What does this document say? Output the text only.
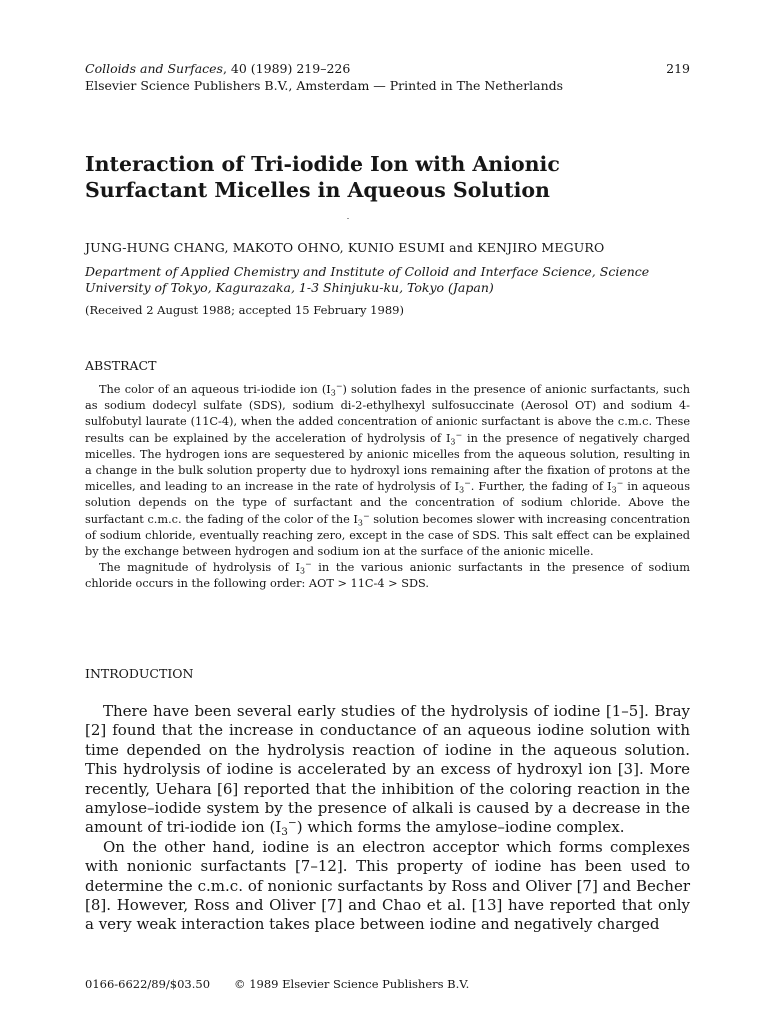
Colloids and Surfaces, 40 (1989) 219–226	219
Elsevier Science Publishers B.V., Amsterdam — Printed in The Netherlands
Interaction of Tri-iodide Ion with Anionic
Surfactant Micelles in Aqueous Solution
JUNG-HUNG CHANG, MAKOTO OHNO, KUNIO ESUMI and KENJIRO MEGURO
Department of Applied Chemistry and Institute of Colloid and Interface Science, Science
University of Tokyo, Kagurazaka, 1-3 Shinjuku-ku, Tokyo (Japan)
(Received 2 August 1988; accepted 15 February 1989)
ABSTRACT

The color of an aqueous tri-iodide ion $(I_3^-)$ solution fades in the presence of anionic surfactants, such as sodium dodecyl sulfate (SDS), sodium di-2-ethylhexyl sulfosuccinate (Aerosol OT) and sodium 4-sulfobutyl laurate (11C-4), when the added concentration of anionic surfactant is above the c.m.c. These results can be explained by the acceleration of hydrolysis of $I_3^-$ in the presence of negatively charged micelles. The hydrogen ions are sequestered by anionic micelles from the aqueous solution, resulting in a change in the bulk solution property due to hydroxyl ions remaining after the fixation of protons at the micelles, and leading to an increase in the rate of hydrolysis of $I_3^-$. Further, the fading of $I_3^-$ in aqueous solution depends on the type of surfactant and the concentration of sodium chloride. Above the surfactant c.m.c. the fading of the color of the $I_3^-$ solution becomes slower with increasing concentration of sodium chloride, eventually reaching zero, except in the case of SDS. This salt effect can be explained by the exchange between hydrogen and sodium ion at the surface of the anionic micelle.

The magnitude of hydrolysis of $I_3^-$ in the various anionic surfactants in the presence of sodium chloride occurs in the following order: AOT > 11C-4 > SDS.

INTRODUCTION

There have been several early studies of the hydrolysis of iodine [1–5]. Bray [2] found that the increase in conductance of an aqueous iodine solution with time depended on the hydrolysis reaction of iodine in the aqueous solution. This hydrolysis of iodine is accelerated by an excess of hydroxyl ion [3]. More recently, Uehara [6] reported that the inhibition of the coloring reaction in the amylose–iodide system by the presence of alkali is caused by a decrease in the amount of tri-iodide ion $(I_3^-)$ which forms the amylose–iodine complex.

On the other hand, iodine is an electron acceptor which forms complexes with nonionic surfactants [7–12]. This property of iodine has been used to determine the c.m.c. of nonionic surfactants by Ross and Oliver [7] and Becher [8]. However, Ross and Oliver [7] and Chao et al. [13] have reported that only a very weak interaction takes place between iodine and negatively charged

0166-6622/89/$03.50 © 1989 Elsevier Science Publishers B.V.
